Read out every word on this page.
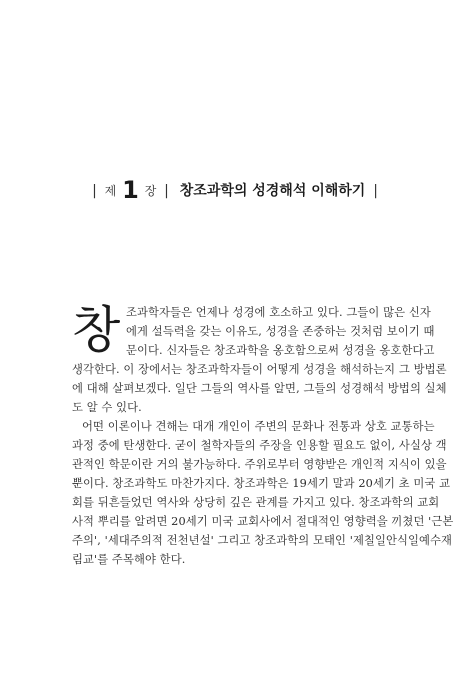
| 제 1 장 | 창조과학의 성경해석 이해하기 |
창 조과학자들은 언제나 성경에 호소하고 있다. 그들이 많은 신자
에게 설득력을 갖는 이유도, 성경을 존중하는 것처럼 보이기 때
문이다. 신자들은 창조과학을 옹호함으로써 성경을 옹호한다고
생각한다. 이 장에서는 창조과학자들이 어떻게 성경을 해석하는지 그 방법론
에 대해 살펴보겠다. 일단 그들의 역사를 알면, 그들의 성경해석 방법의 실체
도 알 수 있다.
어떤 이론이나 견해는 대개 개인이 주변의 문화나 전통과 상호 교통하는
과정 중에 탄생한다. 굳이 철학자들의 주장을 인용할 필요도 없이, 사실상 객
관적인 학문이란 거의 불가능하다. 주위로부터 영향받은 개인적 지식이 있을
뿐이다. 창조과학도 마찬가지다. 창조과학은 19세기 말과 20세기 초 미국 교
회를 뒤흔들었던 역사와 상당히 깊은 관계를 가지고 있다. 창조과학의 교회
사적 뿌리를 알려면 20세기 미국 교회사에서 절대적인 영향력을 끼쳤던 '근본
주의', '세대주의적 전천년설' 그리고 창조과학의 모태인 '제칠일안식일예수재
림교'를 주목해야 한다.
